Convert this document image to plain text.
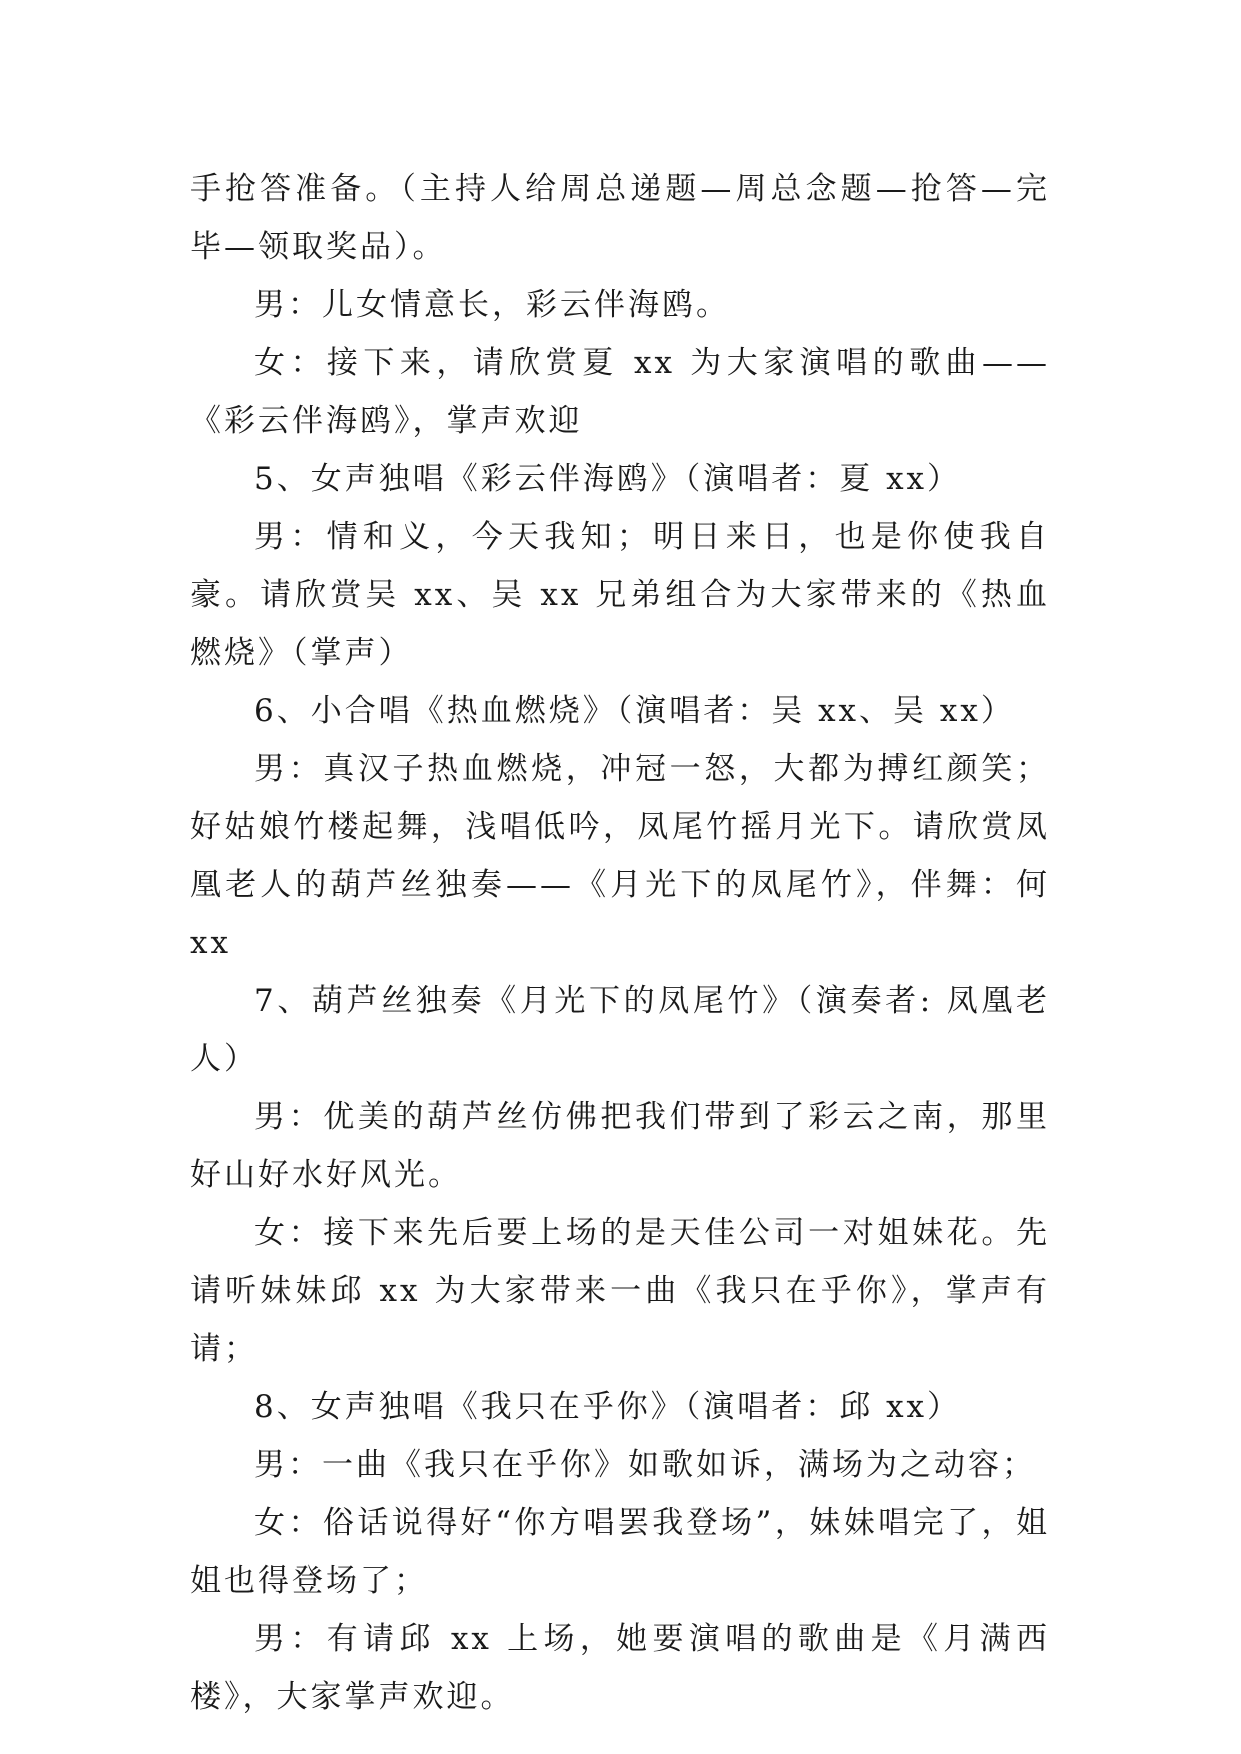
手抢答准备。（主持人给周总递题—周总念题—抢答—完毕—领取奖品）。

男：儿女情意长，彩云伴海鸥。

女：接下来，请欣赏夏 xx 为大家演唱的歌曲——《彩云伴海鸥》，掌声欢迎

5、女声独唱《彩云伴海鸥》（演唱者：夏 xx）

男：情和义，今天我知；明日来日，也是你使我自豪。请欣赏吴 xx、吴 xx 兄弟组合为大家带来的《热血燃烧》（掌声）

6、小合唱《热血燃烧》（演唱者：吴 xx、吴 xx）

男：真汉子热血燃烧，冲冠一怒，大都为搏红颜笑；好姑娘竹楼起舞，浅唱低吟，凤尾竹摇月光下。请欣赏凤凰老人的葫芦丝独奏——《月光下的凤尾竹》，伴舞：何 xx

7、葫芦丝独奏《月光下的凤尾竹》（演奏者: 凤凰老人）

男：优美的葫芦丝仿佛把我们带到了彩云之南，那里好山好水好风光。

女：接下来先后要上场的是天佳公司一对姐妹花。先请听妹妹邱 xx 为大家带来一曲《我只在乎你》，掌声有请；

8、女声独唱《我只在乎你》（演唱者：邱 xx）

男：一曲《我只在乎你》如歌如诉，满场为之动容；

女：俗话说得好“你方唱罢我登场”，妹妹唱完了，姐姐也得登场了；

男：有请邱 xx 上场，她要演唱的歌曲是《月满西楼》，大家掌声欢迎。
